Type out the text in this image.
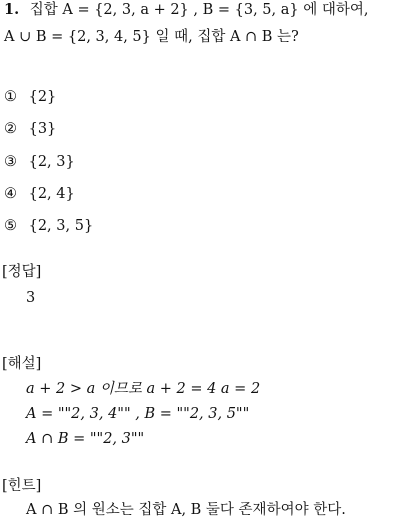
1. 집합 A = {2, 3, a + 2} , B = {3, 5, a} 에 대하여,
A ∪ B = {2, 3, 4, 5} 일 때, 집합 A ∩ B 는?
① {2}
② {3}
③ {2, 3}
④ {2, 4}
⑤ {2, 3, 5}
[정답]
3
[해설]
a + 2 > a 이므로 a + 2 = 4 a = 2
A = ""2, 3, 4"" , B = ""2, 3, 5""
A ∩ B = ""2, 3""
[힌트]
A ∩ B 의 원소는 집합 A, B 둘다 존재하여야 한다.
